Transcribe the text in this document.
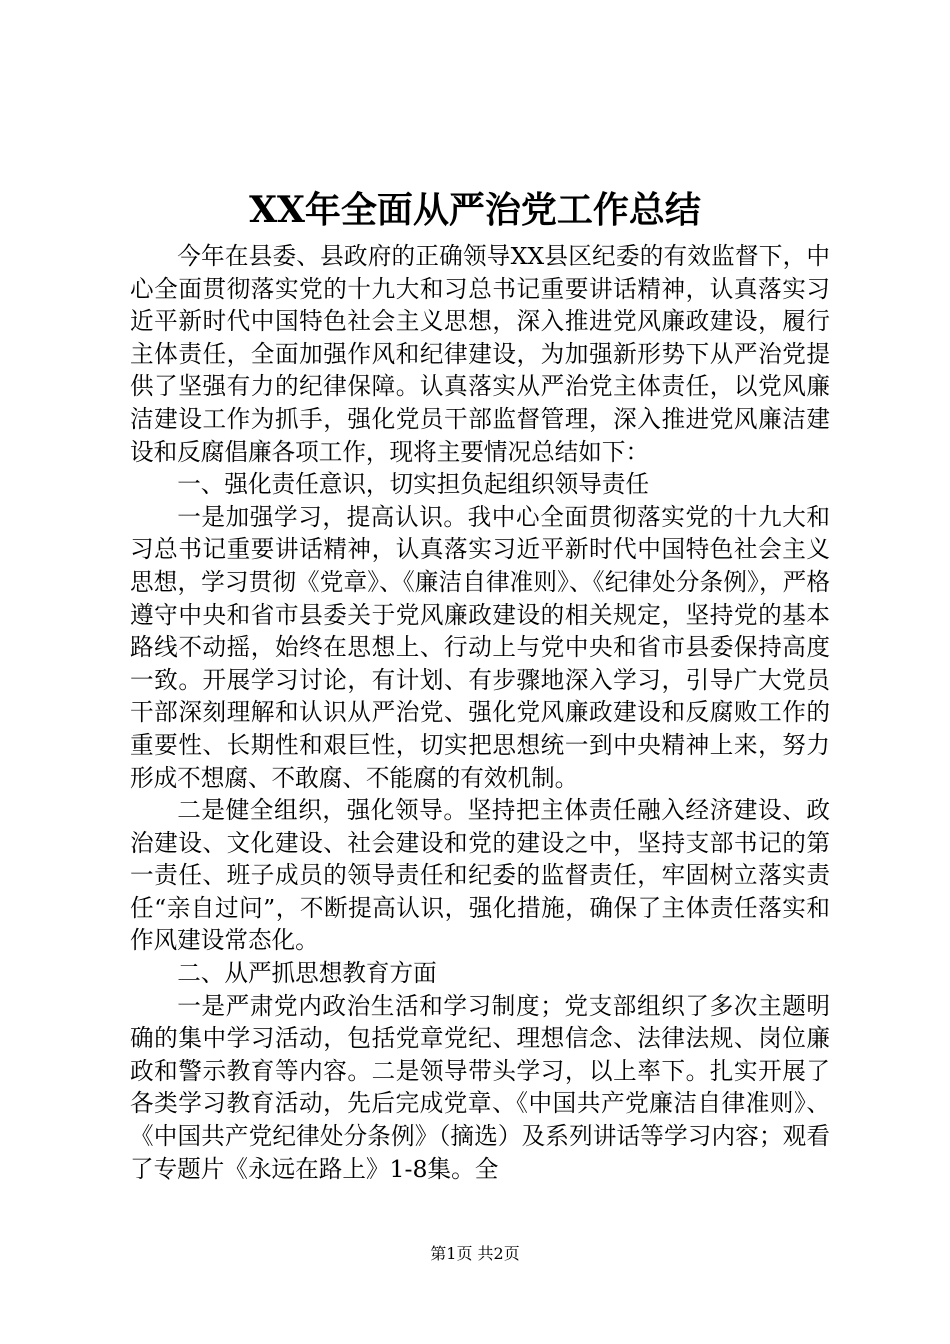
XX年全面从严治党工作总结

今年在县委、县政府的正确领导XX县区纪委的有效监督下，中心全面贯彻落实党的十九大和习总书记重要讲话精神，认真落实习近平新时代中国特色社会主义思想，深入推进党风廉政建设，履行主体责任，全面加强作风和纪律建设，为加强新形势下从严治党提供了坚强有力的纪律保障。认真落实从严治党主体责任，以党风廉洁建设工作为抓手，强化党员干部监督管理，深入推进党风廉洁建设和反腐倡廉各项工作，现将主要情况总结如下：

一、强化责任意识，切实担负起组织领导责任

一是加强学习，提高认识。我中心全面贯彻落实党的十九大和习总书记重要讲话精神，认真落实习近平新时代中国特色社会主义思想，学习贯彻《党章》、《廉洁自律准则》、《纪律处分条例》，严格遵守中央和省市县委关于党风廉政建设的相关规定，坚持党的基本路线不动摇，始终在思想上、行动上与党中央和省市县委保持高度一致。开展学习讨论，有计划、有步骤地深入学习，引导广大党员干部深刻理解和认识从严治党、强化党风廉政建设和反腐败工作的重要性、长期性和艰巨性，切实把思想统一到中央精神上来，努力形成不想腐、不敢腐、不能腐的有效机制。

二是健全组织，强化领导。坚持把主体责任融入经济建设、政治建设、文化建设、社会建设和党的建设之中，坚持支部书记的第一责任、班子成员的领导责任和纪委的监督责任，牢固树立落实责任“亲自过问”，不断提高认识，强化措施，确保了主体责任落实和作风建设常态化。

二、从严抓思想教育方面

一是严肃党内政治生活和学习制度；党支部组织了多次主题明确的集中学习活动，包括党章党纪、理想信念、法律法规、岗位廉政和警示教育等内容。二是领导带头学习，以上率下。扎实开展了各类学习教育活动，先后完成党章、《中国共产党廉洁自律准则》、《中国共产党纪律处分条例》（摘选）及系列讲话等学习内容；观看了专题片《永远在路上》1-8集。全

第1页 共2页
